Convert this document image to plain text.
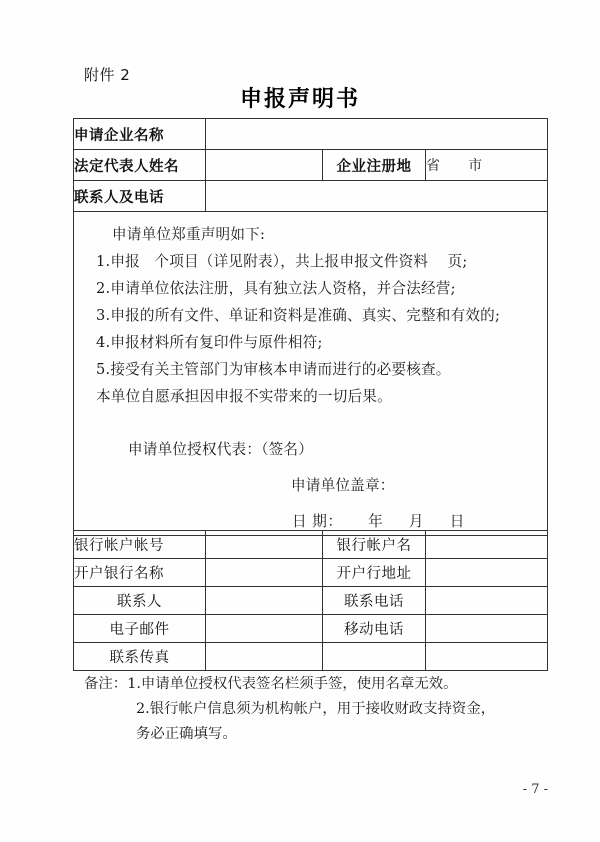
附件 2
申报声明书
申请企业名称			
法定代表人姓名		企业注册地	省     市
联系人及电话			

申请单位郑重声明如下:
1.申报   个项目（详见附表），共上报申报文件资料    页;
2.申请单位依法注册，具有独立法人资格，并合法经营;
3.申报的所有文件、单证和资料是准确、真实、完整和有效的;
4.申报材料所有复印件与原件相符;
5.接受有关主管部门为审核本申请而进行的必要核查。
本单位自愿承担因申报不实带来的一切后果。
申请单位授权代表：（签名）
申请单位盖章：
日 期：     年     月     日
银行帐户帐号		银行帐户名	
开户银行名称		开户行地址	
联系人		联系电话	
电子邮件		移动电话	
联系传真			
备注：1.申请单位授权代表签名栏须手签，使用名章无效。
2.银行帐户信息须为机构帐户，用于接收财政支持资金，
务必正确填写。
- 7 -
